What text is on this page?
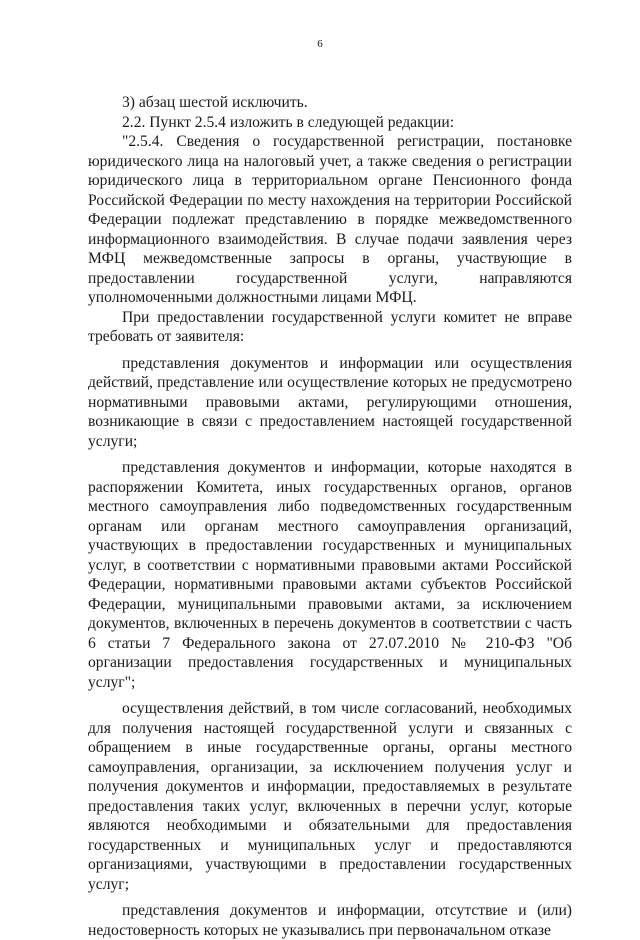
6

3) абзац шестой исключить.

2.2. Пункт 2.5.4 изложить в следующей редакции:

"2.5.4. Сведения о государственной регистрации, постановке юридического лица на налоговый учет, а также сведения о регистрации юридического лица в территориальном органе Пенсионного фонда Российской Федерации по месту нахождения на территории Российской Федерации подлежат представлению в порядке межведомственного информационного взаимодействия. В случае подачи заявления через МФЦ межведомственные запросы в органы, участвующие в предоставлении государственной услуги, направляются уполномоченными должностными лицами МФЦ.

При предоставлении государственной услуги комитет не вправе требовать от заявителя:

представления документов и информации или осуществления действий, представление или осуществление которых не предусмотрено нормативными правовыми актами, регулирующими отношения, возникающие в связи с предоставлением настоящей государственной услуги;

представления документов и информации, которые находятся в распоряжении Комитета, иных государственных органов, органов местного самоуправления либо подведомственных государственным органам или органам местного самоуправления организаций, участвующих в предоставлении государственных и муниципальных услуг, в соответствии с нормативными правовыми актами Российской Федерации, нормативными правовыми актами субъектов Российской Федерации, муниципальными правовыми актами, за исключением документов, включенных в перечень документов в соответствии с часть 6 статьи 7 Федерального закона от 27.07.2010 № 210-ФЗ "Об организации предоставления государственных и муниципальных услуг";

осуществления действий, в том числе согласований, необходимых для получения настоящей государственной услуги и связанных с обращением в иные государственные органы, органы местного самоуправления, организации, за исключением получения услуг и получения документов и информации, предоставляемых в результате предоставления таких услуг, включенных в перечни услуг, которые являются необходимыми и обязательными для предоставления государственных и муниципальных услуг и предоставляются организациями, участвующими в предоставлении государственных услуг;

представления документов и информации, отсутствие и (или) недостоверность которых не указывались при первоначальном отказе
